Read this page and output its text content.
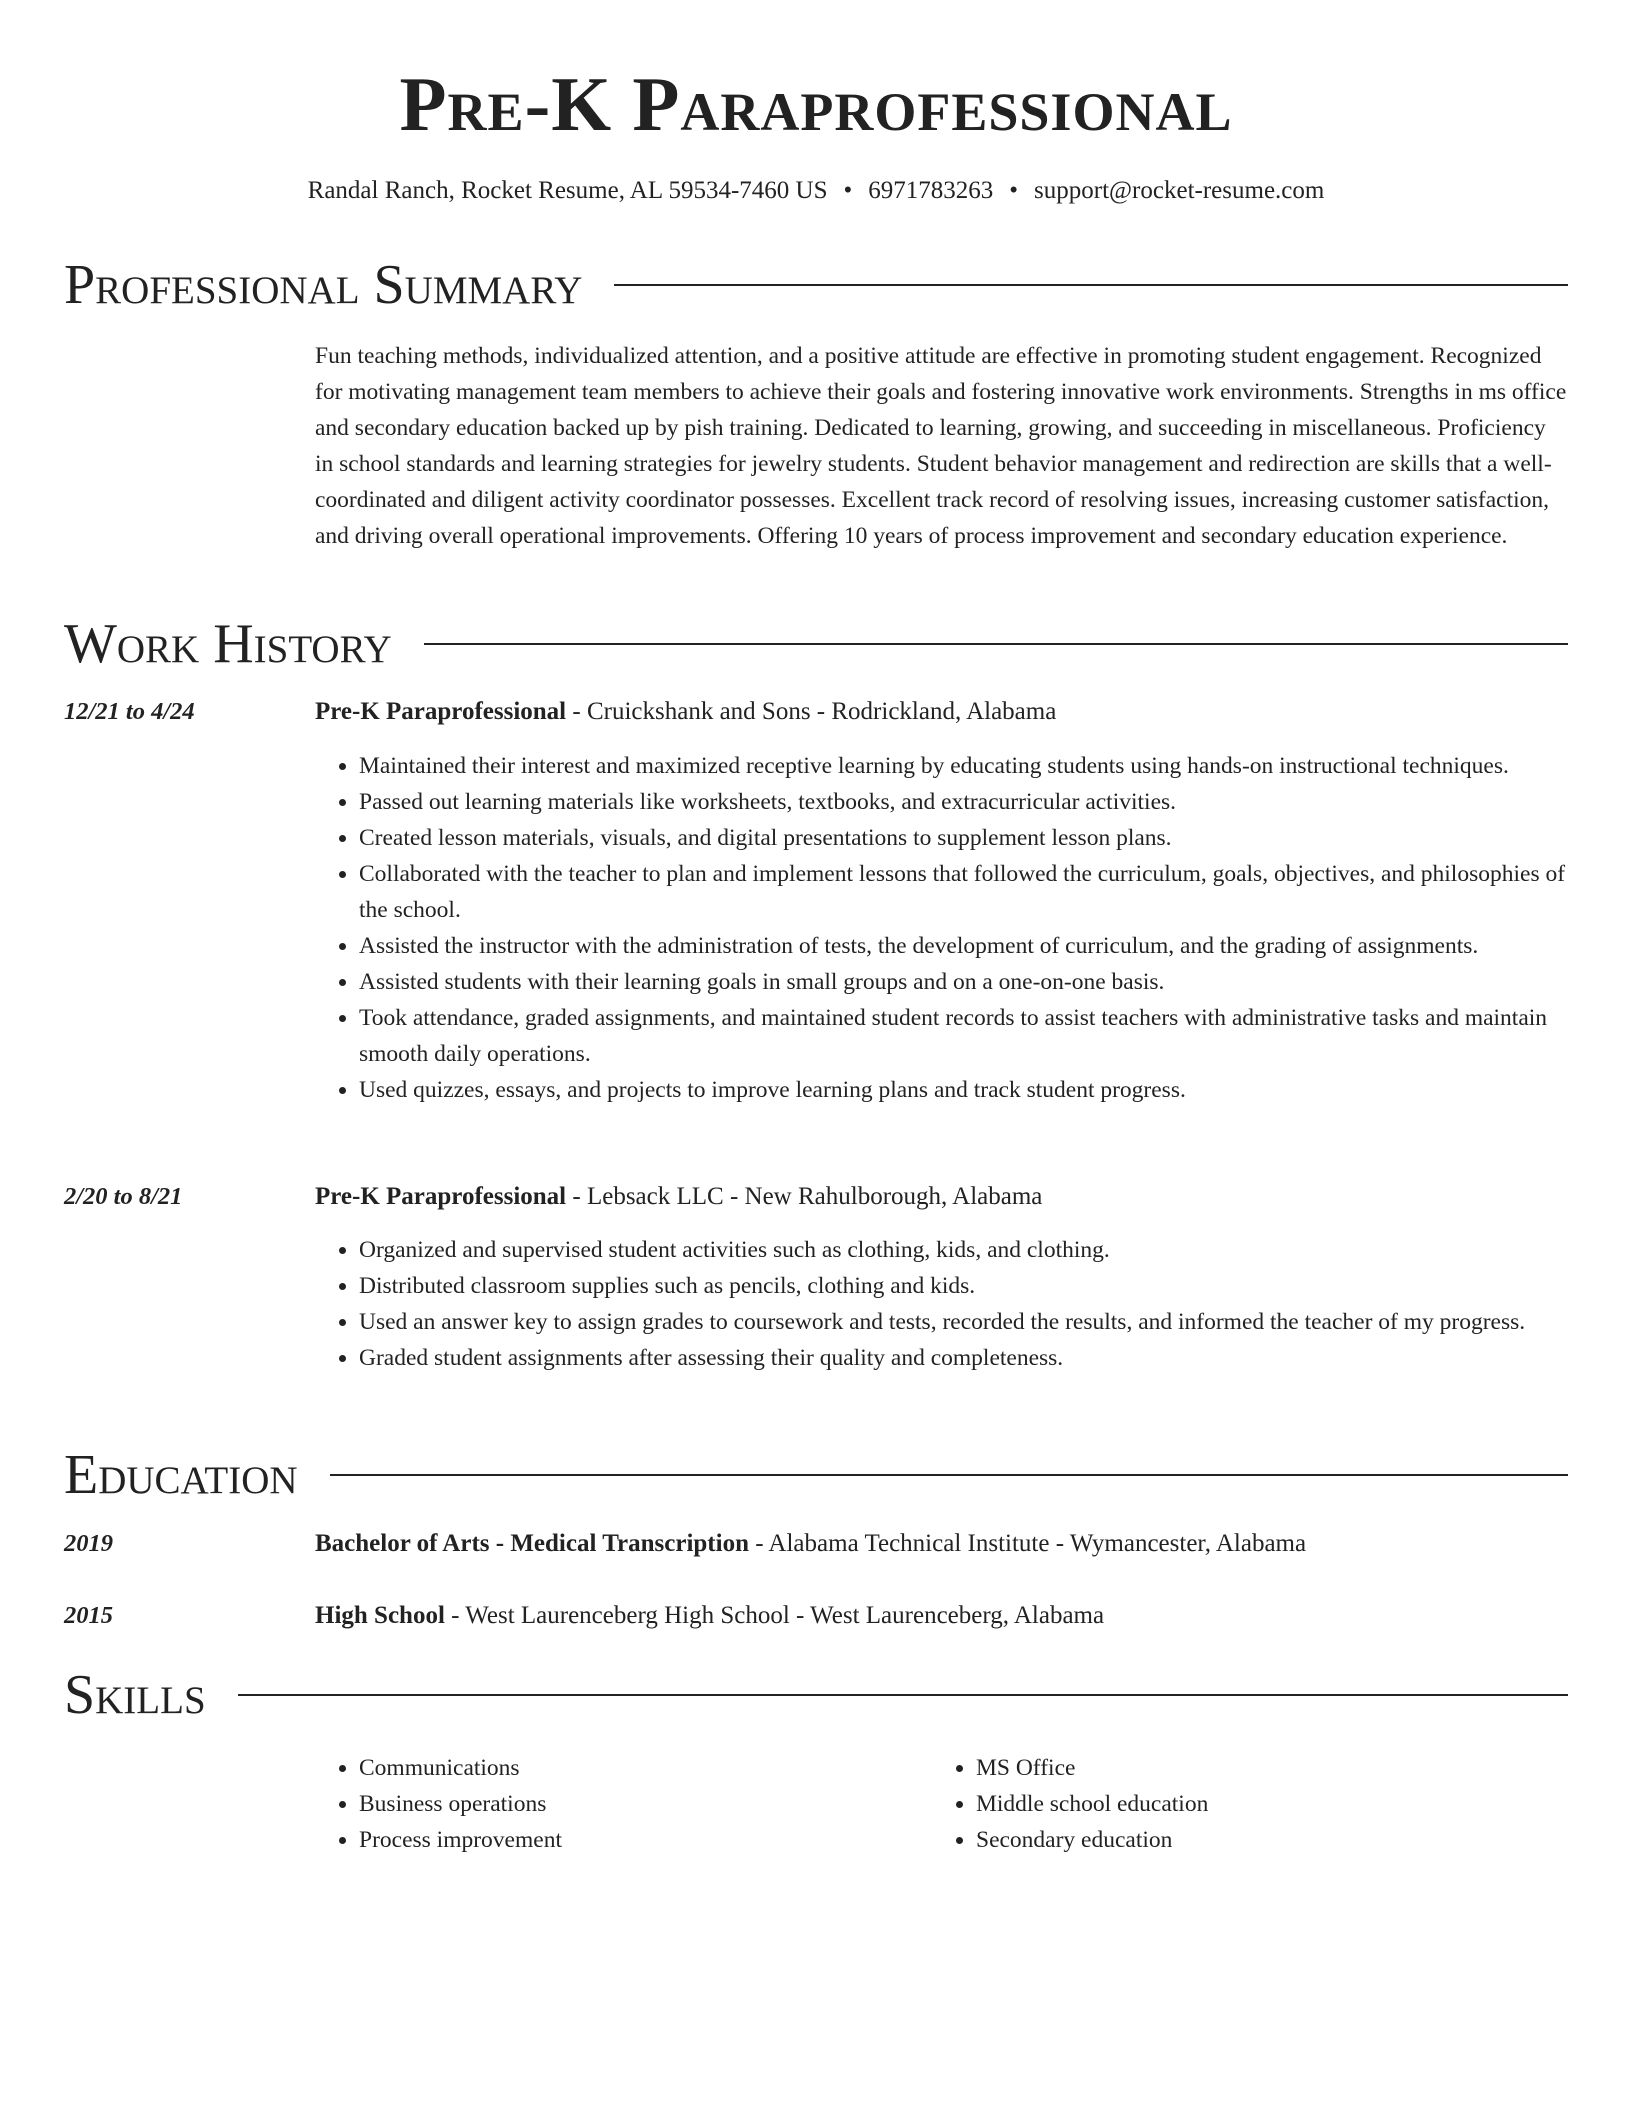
Pre-K Paraprofessional
Randal Ranch, Rocket Resume, AL 59534-7460 US • 6971783263 • support@rocket-resume.com
Professional Summary

Fun teaching methods, individualized attention, and a positive attitude are effective in promoting student engagement. Recognized for motivating management team members to achieve their goals and fostering innovative work environments. Strengths in ms office and secondary education backed up by pish training. Dedicated to learning, growing, and succeeding in miscellaneous. Proficiency in school standards and learning strategies for jewelry students. Student behavior management and redirection are skills that a well-coordinated and diligent activity coordinator possesses. Excellent track record of resolving issues, increasing customer satisfaction, and driving overall operational improvements. Offering 10 years of process improvement and secondary education experience.

Work History
12/21 to 4/24	Pre-K Paraprofessional - Cruickshank and Sons - Rodrickland, Alabama
• Maintained their interest and maximized receptive learning by educating students using hands-on instructional techniques.
• Passed out learning materials like worksheets, textbooks, and extracurricular activities.
• Created lesson materials, visuals, and digital presentations to supplement lesson plans.
• Collaborated with the teacher to plan and implement lessons that followed the curriculum, goals, objectives, and philosophies of the school.
• Assisted the instructor with the administration of tests, the development of curriculum, and the grading of assignments.
• Assisted students with their learning goals in small groups and on a one-on-one basis.
• Took attendance, graded assignments, and maintained student records to assist teachers with administrative tasks and maintain smooth daily operations.
• Used quizzes, essays, and projects to improve learning plans and track student progress.
2/20 to 8/21	Pre-K Paraprofessional - Lebsack LLC - New Rahulborough, Alabama
• Organized and supervised student activities such as clothing, kids, and clothing.
• Distributed classroom supplies such as pencils, clothing and kids.
• Used an answer key to assign grades to coursework and tests, recorded the results, and informed the teacher of my progress.
• Graded student assignments after assessing their quality and completeness.
Education
2019	Bachelor of Arts - Medical Transcription - Alabama Technical Institute - Wymancester, Alabama
2015	High School - West Laurenceberg High School - West Laurenceberg, Alabama
Skills
• Communications
• Business operations
• Process improvement
• MS Office
• Middle school education
• Secondary education
